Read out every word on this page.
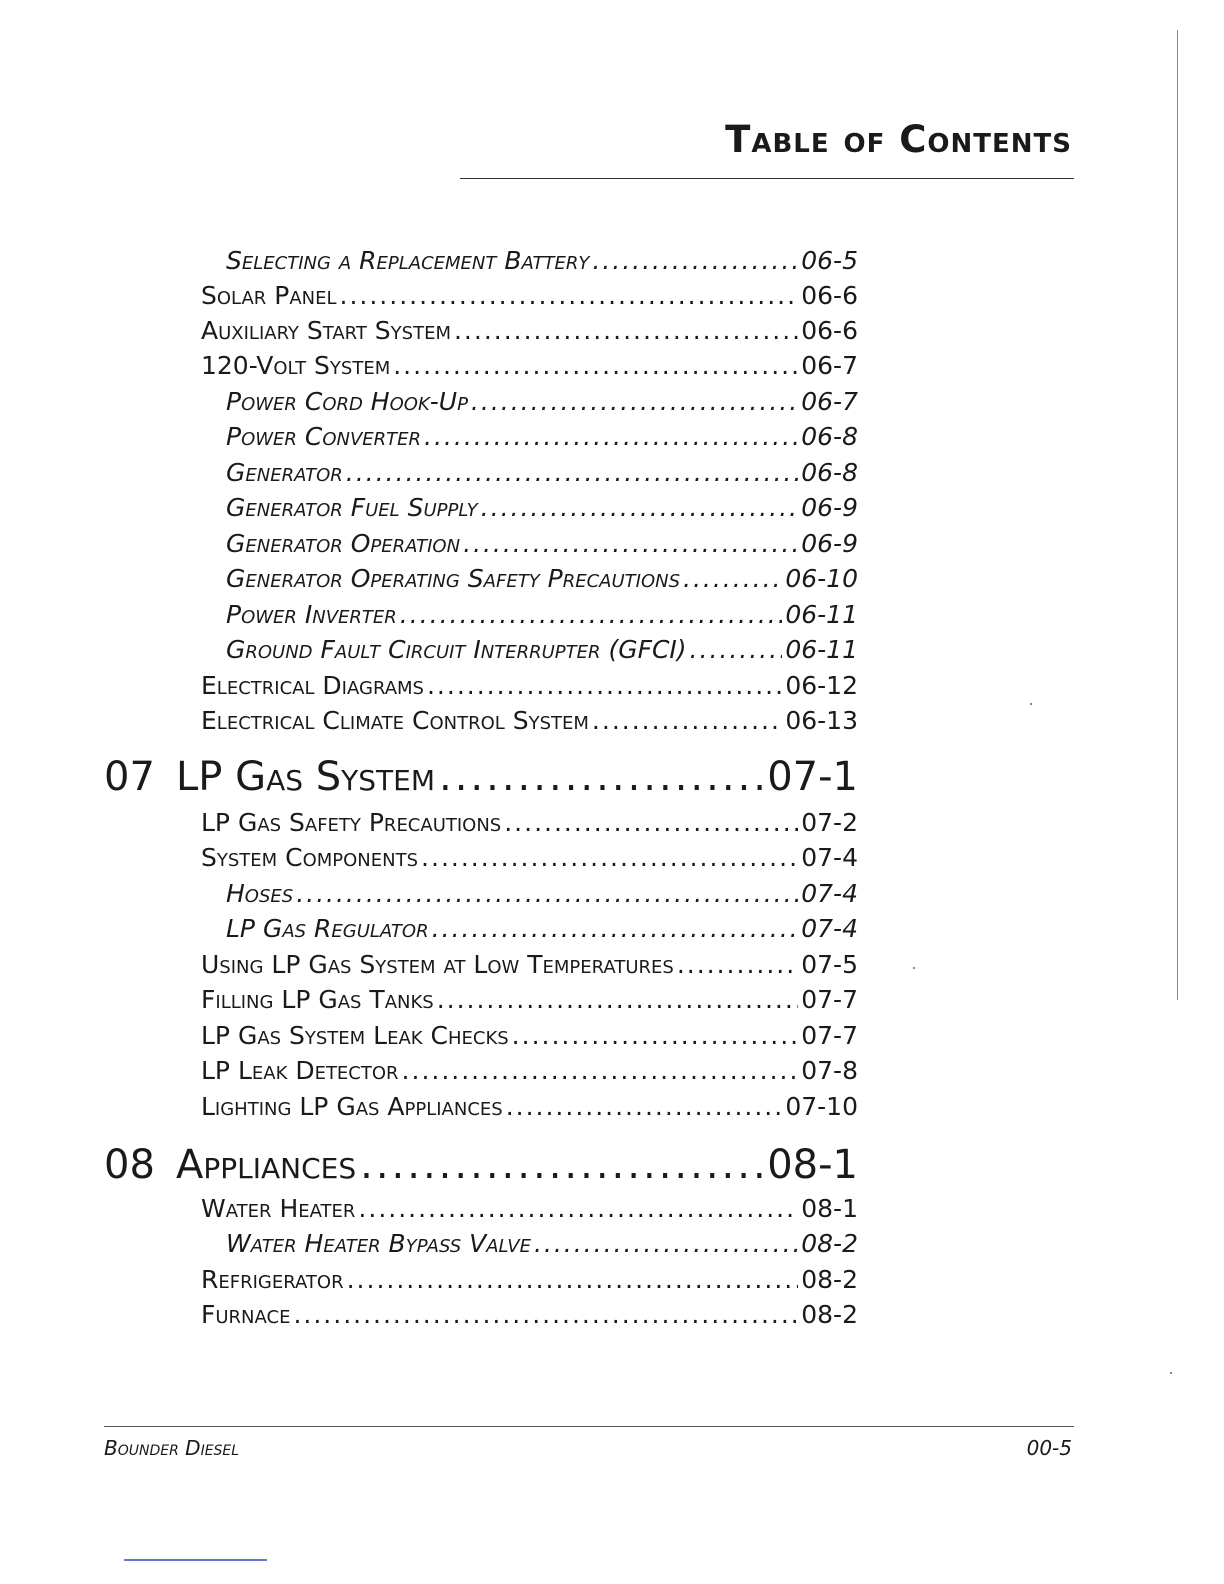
Table of Contents
Selecting a Replacement Battery .....	06-5
Solar Panel .....	06-6
Auxiliary Start System .....	06-6
120-Volt System .....	06-7
Power Cord Hook-Up .....	06-7
Power Converter .....	06-8
Generator .....	06-8
Generator Fuel Supply .....	06-9
Generator Operation .....	06-9
Generator Operating Safety Precautions .....	06-10
Power Inverter .....	06-11
Ground Fault Circuit Interrupter (GFCI) .....	06-11
Electrical Diagrams .....	06-12
Electrical Climate Control System .....	06-13
07 LP Gas System .....	07-1
LP Gas Safety Precautions .....	07-2
System Components .....	07-4
Hoses .....	07-4
LP Gas Regulator .....	07-4
Using LP Gas System at Low Temperatures .....	07-5
Filling LP Gas Tanks .....	07-7
LP Gas System Leak Checks .....	07-7
LP Leak Detector .....	07-8
Lighting LP Gas Appliances .....	07-10
08 Appliances .....	08-1
Water Heater .....	08-1
Water Heater Bypass Valve .....	08-2
Refrigerator .....	08-2
Furnace .....	08-2
Bounder Diesel	00-5
